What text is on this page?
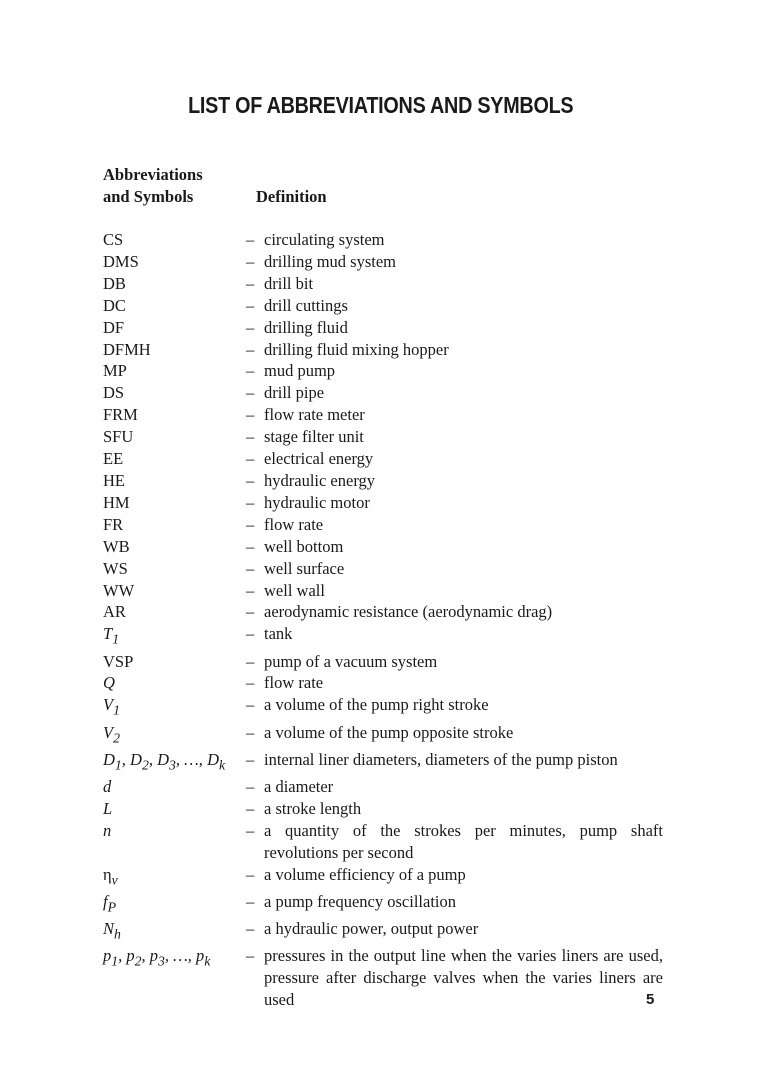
LIST OF ABBREVIATIONS AND SYMBOLS
Abbreviations
and Symbols	Definition
CS	– circulating system
DMS	– drilling mud system
DB	– drill bit
DC	– drill cuttings
DF	– drilling fluid
DFMH	– drilling fluid mixing hopper
MP	– mud pump
DS	– drill pipe
FRM	– flow rate meter
SFU	– stage filter unit
EE	– electrical energy
HE	– hydraulic energy
HM	– hydraulic motor
FR	– flow rate
WB	– well bottom
WS	– well surface
WW	– well wall
AR	– aerodynamic resistance (aerodynamic drag)
$T_1$	– tank
VSP	– pump of a vacuum system
Q	– flow rate
$V_1$	– a volume of the pump right stroke
$V_2$	– a volume of the pump opposite stroke
$D_1$, $D_2$, $D_3$, …, $D_k$	– internal liner diameters, diameters of the pump piston
d	– a diameter
L	– a stroke length
n	– a quantity of the strokes per minutes, pump shaft revolutions per second
$\eta_v$	– a volume efficiency of a pump
$f_P$	– a pump frequency oscillation
$N_h$	– a hydraulic power, output power
$p_1$, $p_2$, $p_3$, …, $p_k$	– pressures in the output line when the varies liners are used, pressure after discharge valves when the varies liners are used	5
